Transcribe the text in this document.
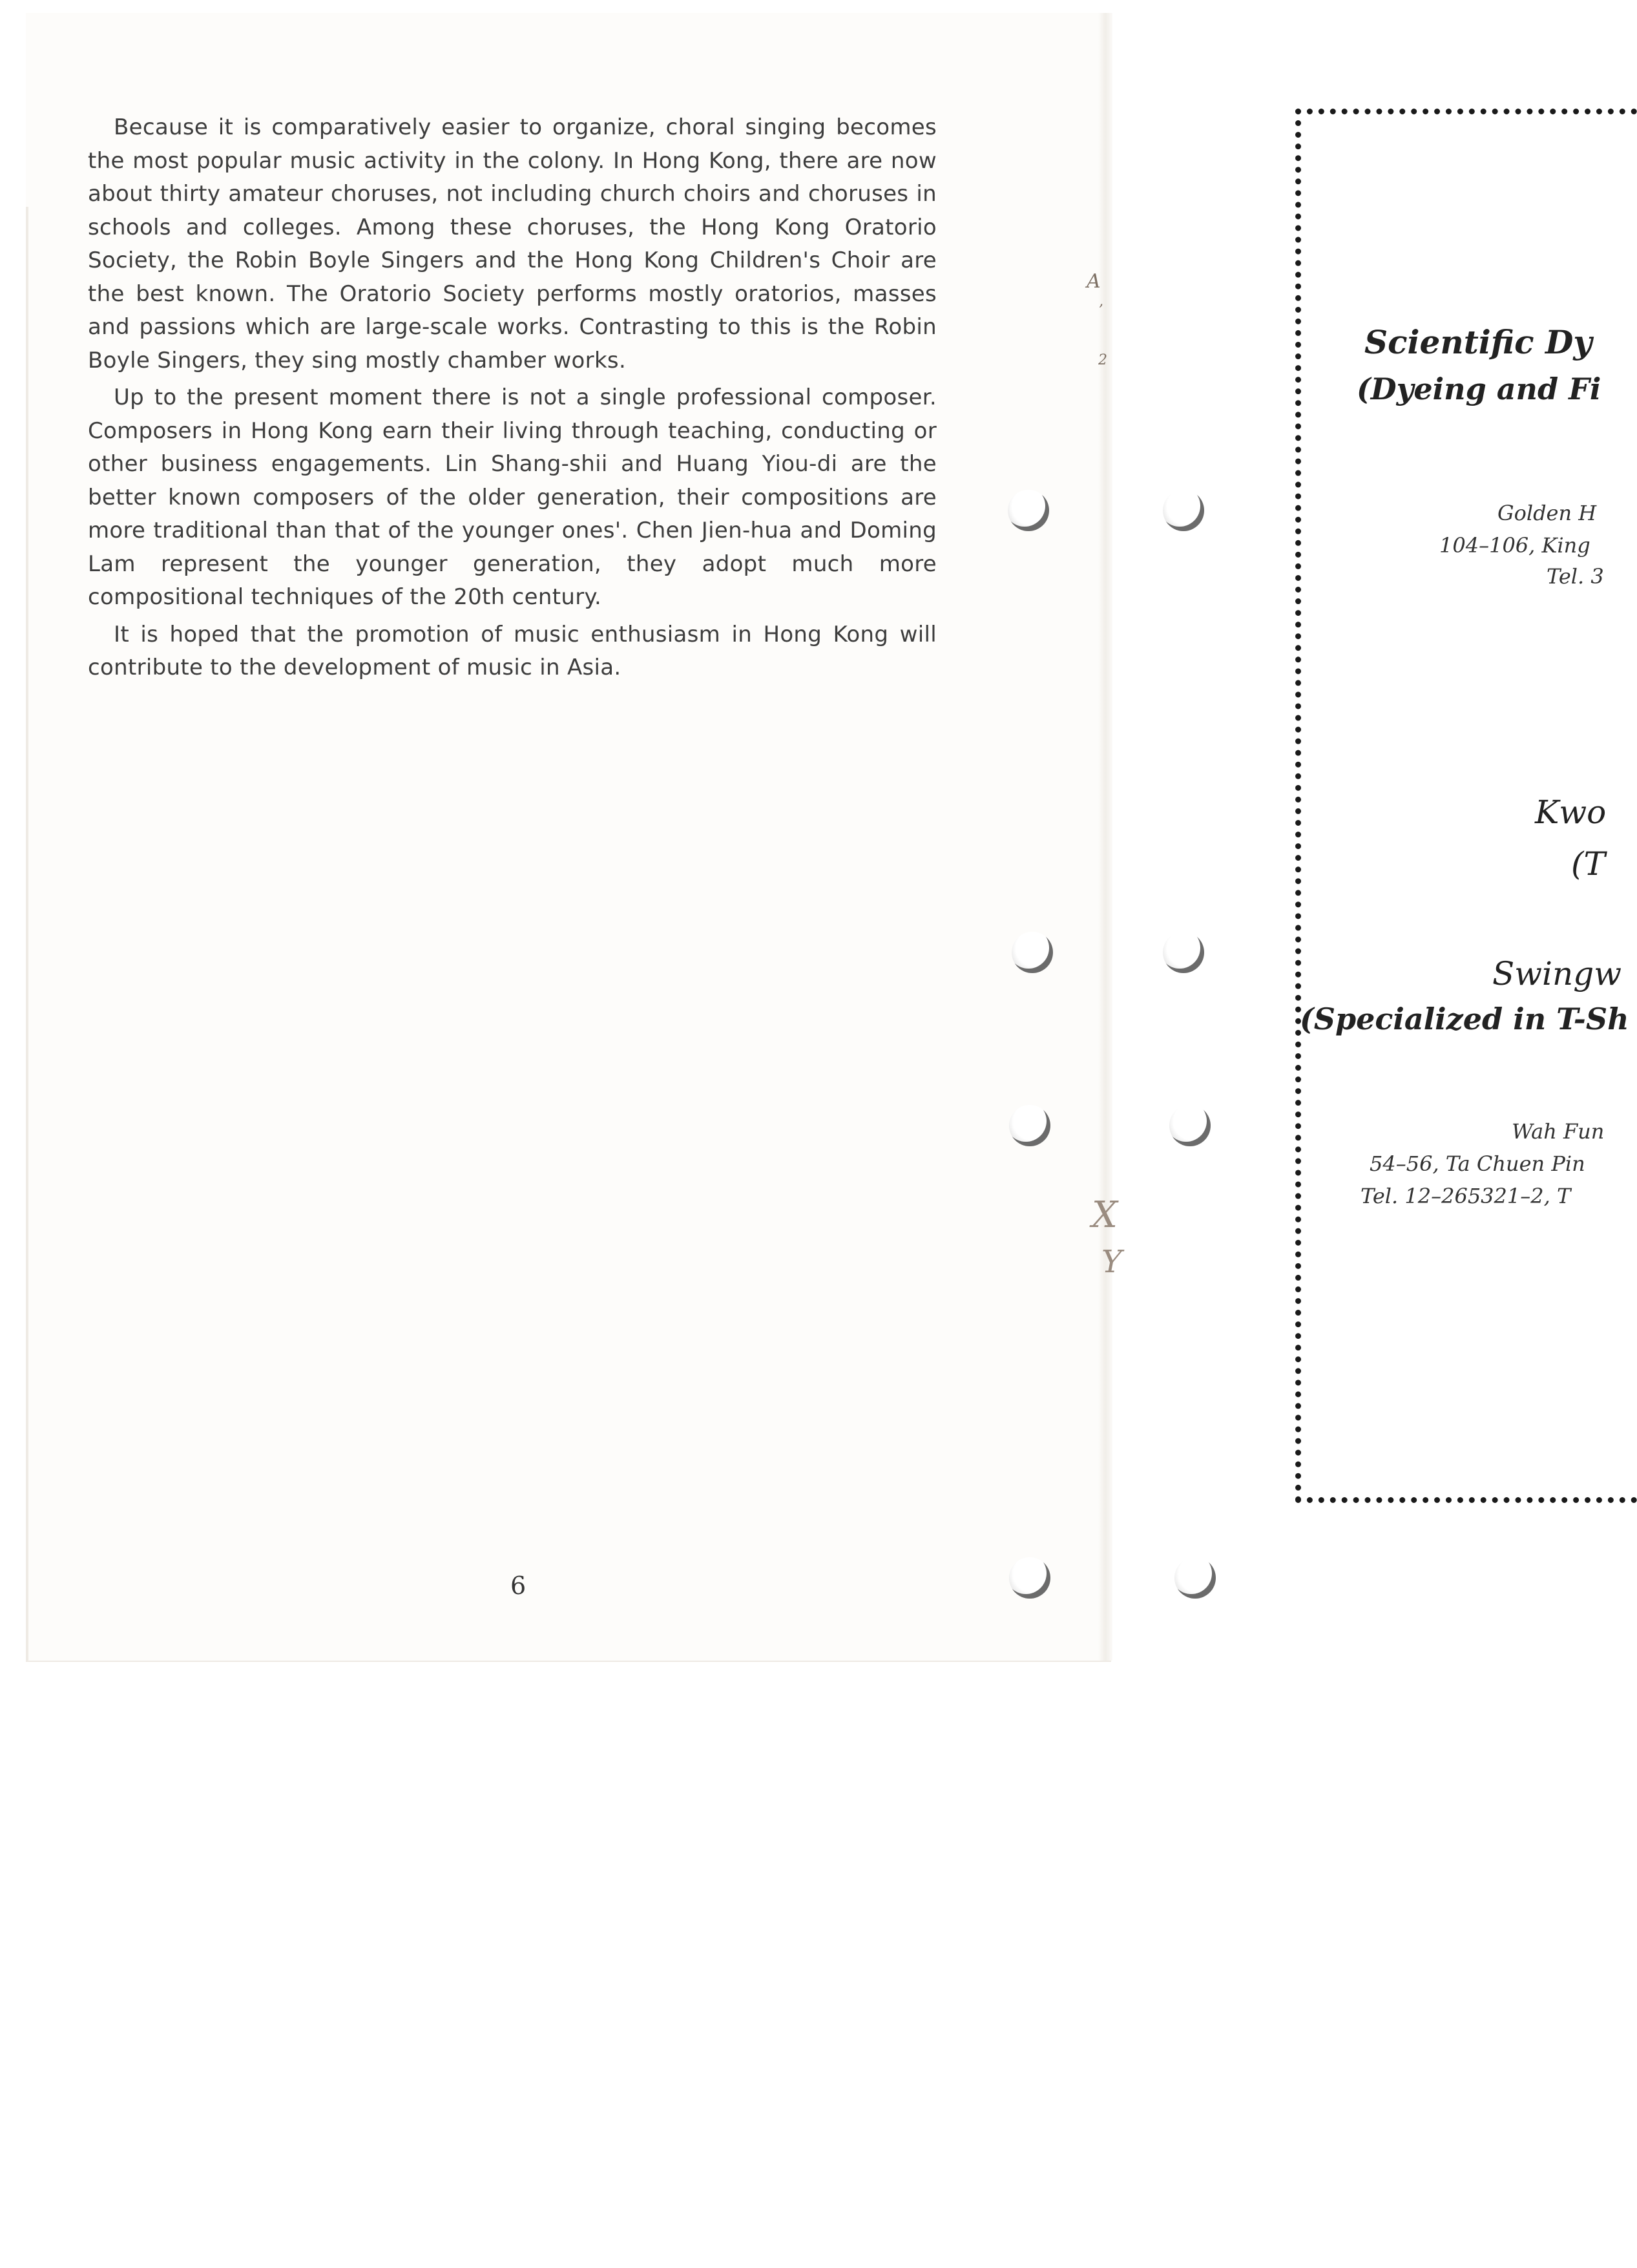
Because it is comparatively easier to organize, choral singing becomes the most popular music activity in the colony. In Hong Kong, there are now about thirty amateur choruses, not including church choirs and choruses in schools and colleges. Among these choruses, the Hong Kong Oratorio Society, the Robin Boyle Singers and the Hong Kong Children's Choir are the best known. The Oratorio Society performs mostly oratorios, masses and passions which are large-scale works. Contrasting to this is the Robin Boyle Singers, they sing mostly chamber works.

Up to the present moment there is not a single professional composer. Composers in Hong Kong earn their living through teaching, conducting or other business engagements. Lin Shang-shii and Huang Yiou-di are the better known composers of the older generation, their compositions are more traditional than that of the younger ones'. Chen Jien-hua and Doming Lam represent the younger generation, they adopt much more compositional techniques of the 20th century.

It is hoped that the promotion of music enthusiasm in Hong Kong will contribute to the development of music in Asia.

6
A
ʼ
2
X
Y
Scientific Dy
(Dyeing and Fi
Golden H
104–106, King
Tel. 3
Kwo
(T
Swingw
(Specialized in T-Sh
Wah Fun
54–56, Ta Chuen Pin
Tel. 12–265321–2, T
